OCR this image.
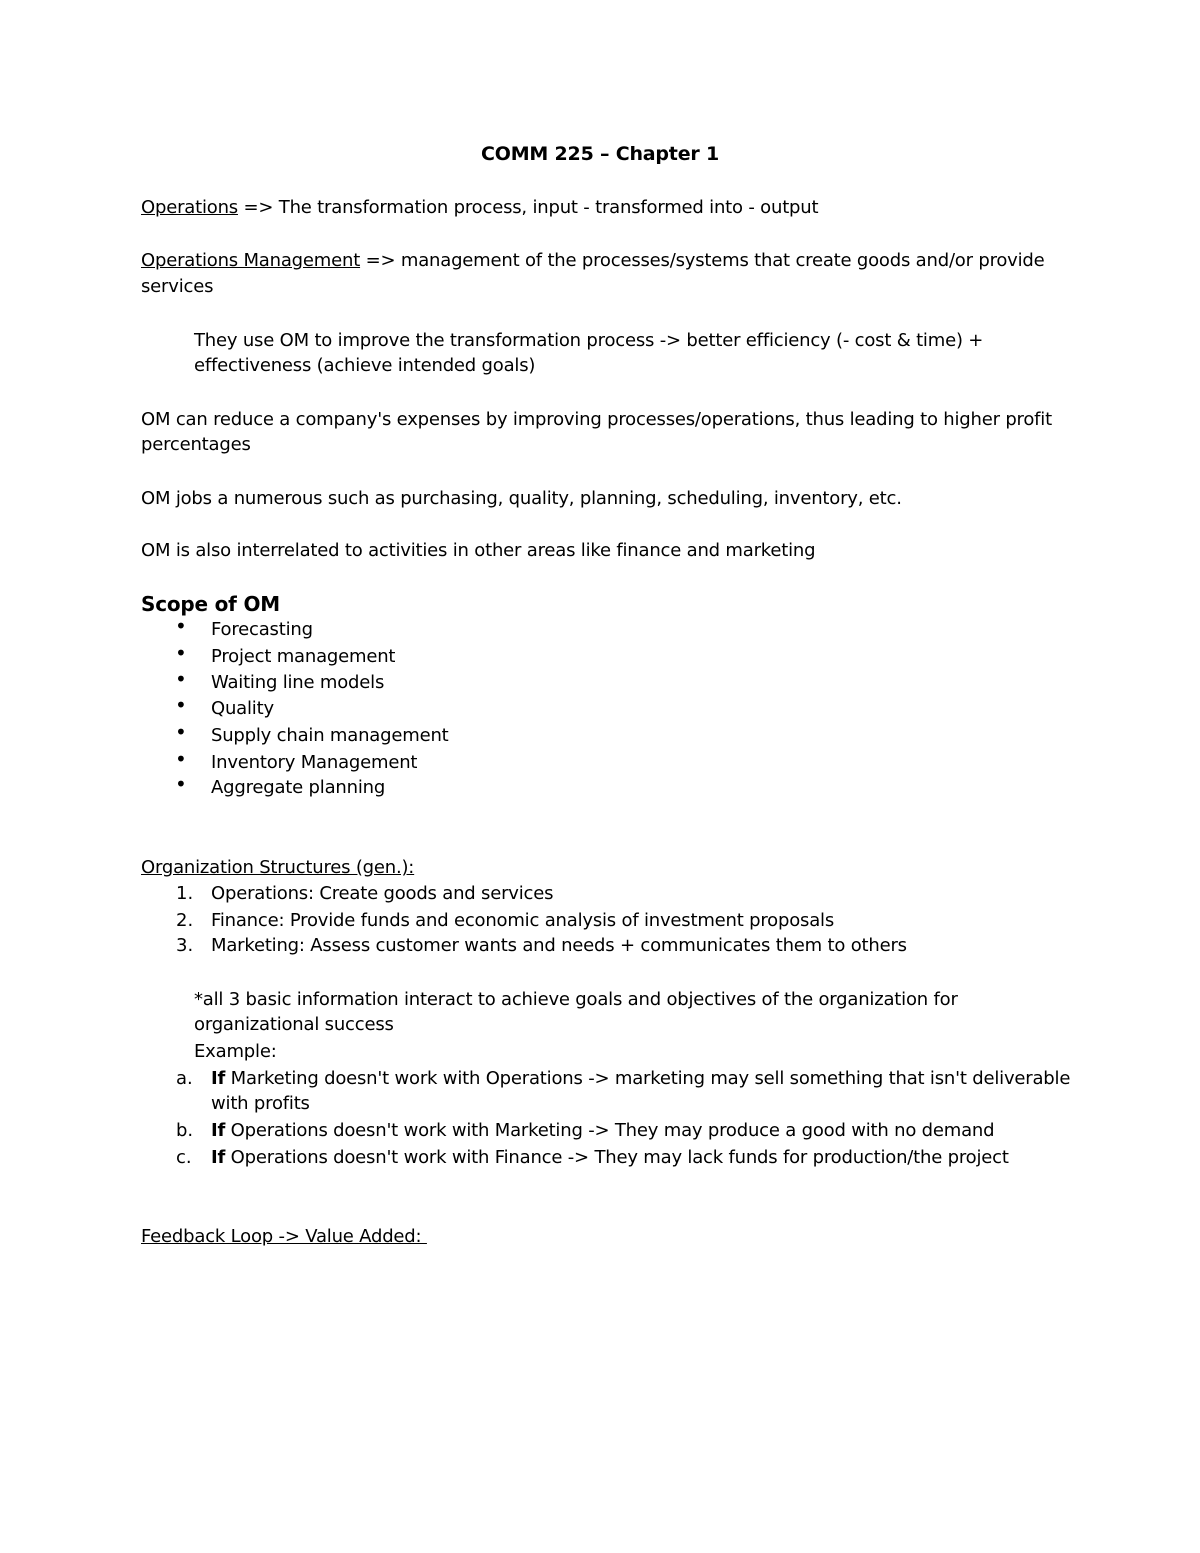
COMM 225 – Chapter 1
Operations => The transformation process, input - transformed into - output
Operations Management => management of the processes/systems that create goods and/or provide
services
They use OM to improve the transformation process -> better efficiency (- cost & time) +
effectiveness (achieve intended goals)
OM can reduce a company's expenses by improving processes/operations, thus leading to higher profit
percentages
OM jobs a numerous such as purchasing, quality, planning, scheduling, inventory, etc.
OM is also interrelated to activities in other areas like finance and marketing
Scope of OM
• Forecasting
• Project management
• Waiting line models
• Quality
• Supply chain management
• Inventory Management
• Aggregate planning
Organization Structures (gen.):
1. Operations: Create goods and services
2. Finance: Provide funds and economic analysis of investment proposals
3. Marketing: Assess customer wants and needs + communicates them to others
*all 3 basic information interact to achieve goals and objectives of the organization for
organizational success
Example:
a. If Marketing doesn't work with Operations -> marketing may sell something that isn't deliverable
with profits
b. If Operations doesn't work with Marketing -> They may produce a good with no demand
c. If Operations doesn't work with Finance -> They may lack funds for production/the project
Feedback Loop -> Value Added:
